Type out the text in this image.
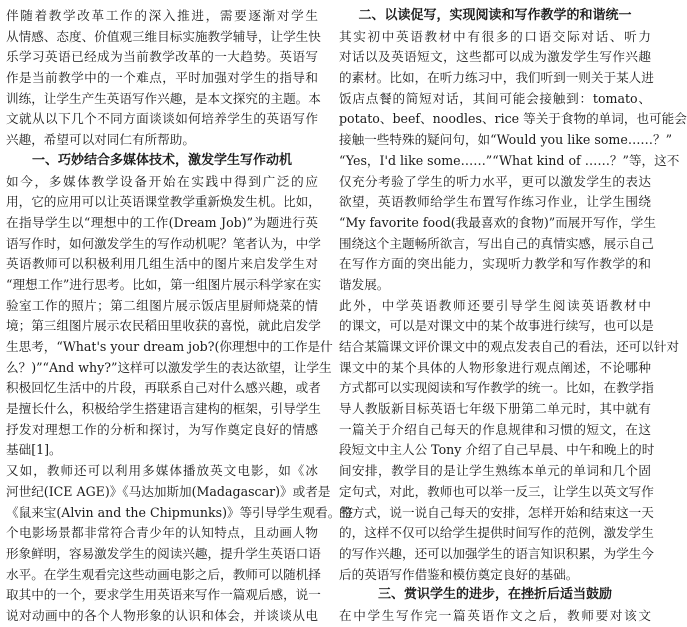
伴随着教学改革工作的深入推进，需要逐渐对学生
从情感、态度、价值观三维目标实施教学辅导，让学生快
乐学习英语已经成为当前教学改革的一大趋势。英语写
作是当前教学中的一个难点，平时加强对学生的指导和
训练，让学生产生英语写作兴趣，是本文探究的主题。本
文就从以下几个不同方面谈谈如何培养学生的英语写作
兴趣，希望可以对同仁有所帮助。
一、巧妙结合多媒体技术，激发学生写作动机
如今，多媒体教学设备开始在实践中得到广泛的应
用，它的应用可以让英语课堂教学重新焕发生机。比如，
在指导学生以“理想中的工作(Dream Job)”为题进行英
语写作时，如何激发学生的写作动机呢？笔者认为，中学
英语教师可以积极利用几组生活中的图片来启发学生对
“理想工作”进行思考。比如，第一组图片展示科学家在实
验室工作的照片；第二组图片展示饭店里厨师烧菜的情
境；第三组图片展示农民稻田里收获的喜悦，就此启发学
生思考，“What's your dream job?(你理想中的工作是什
么？)”“And why?”这样可以激发学生的表达欲望，让学生
积极回忆生活中的片段，再联系自己对什么感兴趣，或者
是擅长什么，积极给学生搭建语言建构的框架，引导学生
抒发对理想工作的分析和探讨，为写作奠定良好的情感
基础[1]。
又如，教师还可以利用多媒体播放英文电影，如《冰
河世纪(ICE AGE)》《马达加斯加(Madagascar)》或者是
《鼠来宝(Alvin and the Chipmunks)》等引导学生观看。整
个电影场景都非常符合青少年的认知特点，且动画人物
形象鲜明，容易激发学生的阅读兴趣，提升学生英语口语
水平。在学生观看完这些动画电影之后，教师可以随机择
取其中的一个，要求学生用英语来写作一篇观后感，说一
说对动画中的各个人物形象的认识和体会，并谈谈从电
二、以读促写，实现阅读和写作教学的和谐统一
其实初中英语教材中有很多的口语交际对话、听力
对话以及英语短文，这些都可以成为激发学生写作兴趣
的素材。比如，在听力练习中，我们听到一则关于某人进
饭店点餐的简短对话，其间可能会接触到：tomato、
potato、beef、noodles、rice 等关于食物的单词，也可能会
接触一些特殊的疑问句，如“Would you like some……？”
“Yes，I'd like some……”“What kind of ……？”等，这不
仅充分考验了学生的听力水平，更可以激发学生的表达
欲望，英语教师给学生布置写作练习作业，让学生围绕
“My favorite food(我最喜欢的食物)”而展开写作，学生
围绕这个主题畅所欲言，写出自己的真情实感，展示自己
在写作方面的突出能力，实现听力教学和写作教学的和
谐发展。
此外，中学英语教师还要引导学生阅读英语教材中
的课文，可以是对课文中的某个故事进行续写，也可以是
结合某篇课文评价课文中的观点发表自己的看法，还可以针对
课文中的某个具体的人物形象进行观点阐述，不论哪种
方式都可以实现阅读和写作教学的统一。比如，在教学指
导人教版新目标英语七年级下册第二单元时，其中就有
一篇关于介绍自己每天的作息规律和习惯的短文，在这
段短文中主人公 Tony 介绍了自己早晨、中午和晚上的时
间安排，教学目的是让学生熟练本单元的单词和几个固
定句式，对此，教师也可以举一反三，让学生以英文写作
的方式，说一说自己每天的安排，怎样开始和结束这一天
的，这样不仅可以给学生提供时间写作的范例，激发学生
的写作兴趣，还可以加强学生的语言知识积累，为学生今
后的英语写作借鉴和模仿奠定良好的基础。
三、赏识学生的进步，在挫折后适当鼓励
在中学生写作完一篇英语作文之后，教师要对该文
